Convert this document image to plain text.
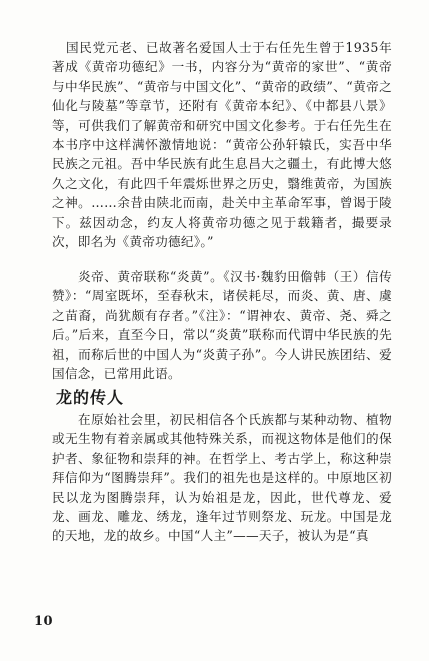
国民党元老、已故著名爱国人士于右任先生曾于1935年著成《黄帝功德纪》一书，内容分为“黄帝的家世”、“黄帝与中华民族”、“黄帝与中国文化”、“黄帝的政绩”、“黄帝之仙化与陵墓”等章节，还附有《黄帝本纪》、《中都县八景》等，可供我们了解黄帝和研究中国文化参考。于右任先生在本书序中这样满怀激情地说：“黄帝公孙轩辕氏，实吾中华民族之元祖。吾中华民族有此生息昌大之疆土，有此博大悠久之文化，有此四千年震烁世界之历史，翳维黄帝，为国族之神。……余昔由陕北而南，赴关中主革命军事，曾谒于陵下。兹因动念，约友人将黄帝功德之见于载籍者，撮要录次，即名为《黄帝功德纪》。”
炎帝、黄帝联称“炎黄”。《汉书·魏豹田儋韩（王）信传赞》：“周室既坏，至春秋末，诸侯耗尽，而炎、黄、唐、虞之苗裔，尚犹颇有存者。”《注》：“谓神农、黄帝、尧、舜之后。”后来，直至今日，常以“炎黄”联称而代谓中华民族的先祖，而称后世的中国人为“炎黄子孙”。今人讲民族团结、爱国信念，已常用此语。
龙的传人
在原始社会里，初民相信各个氏族都与某种动物、植物或无生物有着亲属或其他特殊关系，而视这物体是他们的保护者、象征物和崇拜的神。在哲学上、考古学上，称这种崇拜信仰为“图腾崇拜”。我们的祖先也是这样的。中原地区初民以龙为图腾崇拜，认为始祖是龙，因此，世代尊龙、爱龙、画龙、雕龙、绣龙，逢年过节则祭龙、玩龙。中国是龙的天地，龙的故乡。中国“人主”——天子，被认为是“真
10
